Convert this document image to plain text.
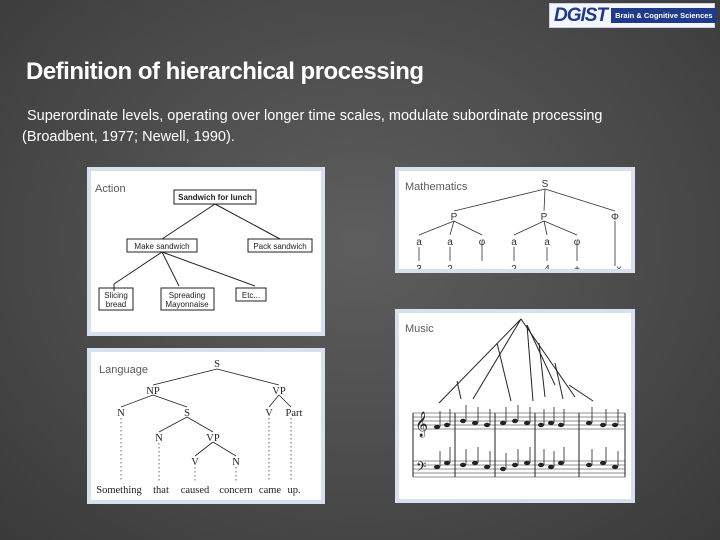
DGIST	Brain & Cognitive Sciences
Definition of hierarchical processing
Superordinate levels, operating over longer time scales, modulate subordinate processing
(Broadbent, 1977; Newell, 1990).
Sandwich for lunch
Make sandwich	Pack sandwich
Slicing
bread
Spreading
Mayonnaise
Etc...
Action	S
P	P	Φ
a	a	φ	a	a φ
3	2	–	2	4 +	x
Mathematics
S
NP	VP
N	S	V Part
N	VP
V	N
Something that caused concern came up.
Language
𝄞
𝄢
Music
